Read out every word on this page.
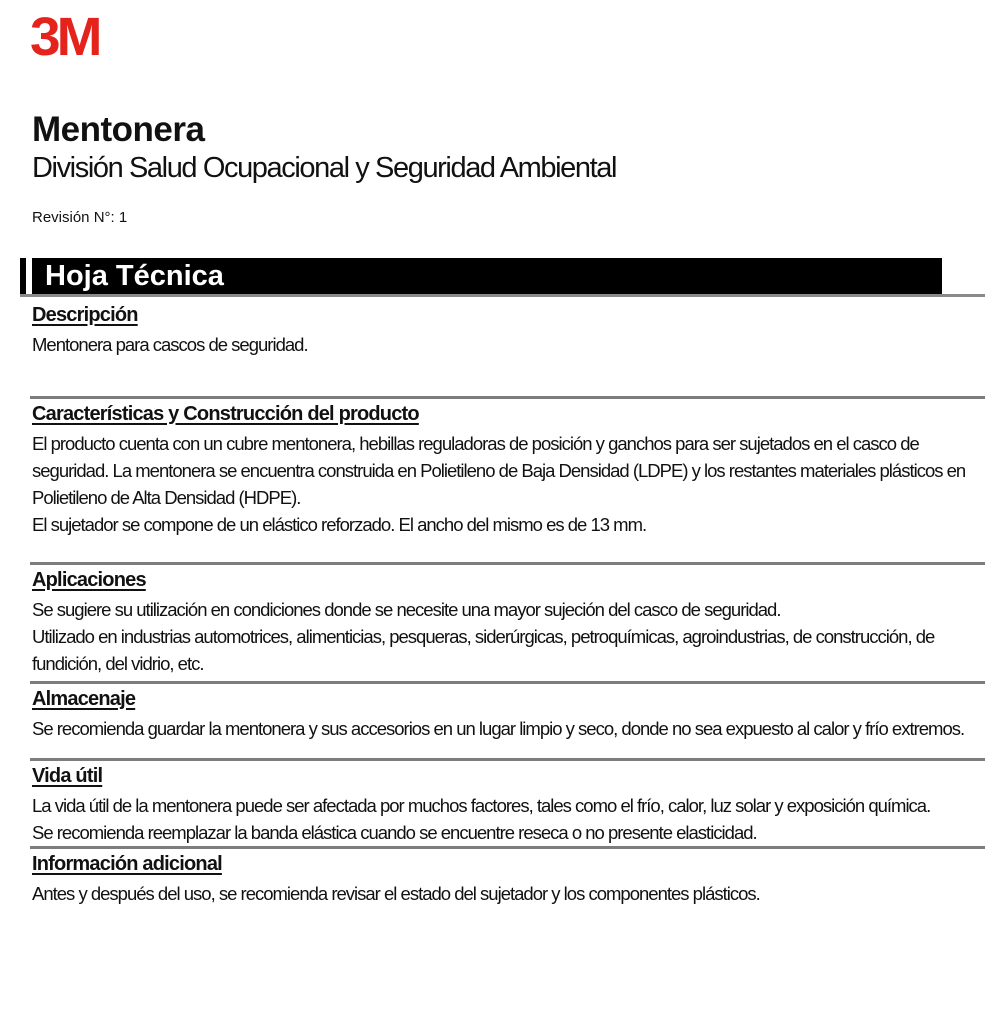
3M
Mentonera
División Salud Ocupacional y Seguridad Ambiental
Revisión N°: 1
Hoja Técnica
Descripción

Mentonera para cascos de seguridad.

Características y Construcción del producto

El producto cuenta con un cubre mentonera, hebillas reguladoras de posición y ganchos para ser sujetados en el casco de seguridad. La mentonera se encuentra construida en Polietileno de Baja Densidad (LDPE) y los restantes materiales plásticos en Polietileno de Alta Densidad (HDPE).

El sujetador se compone de un elástico reforzado. El ancho del mismo es de 13 mm.

Aplicaciones

Se sugiere su utilización en condiciones donde se necesite una mayor sujeción del casco de seguridad.

Utilizado en industrias automotrices, alimenticias, pesqueras, siderúrgicas, petroquímicas, agroindustrias, de construcción, de fundición, del vidrio, etc.

Almacenaje

Se recomienda guardar la mentonera y sus accesorios en un lugar limpio y seco, donde no sea expuesto al calor y frío extremos.

Vida útil

La vida útil de la mentonera puede ser afectada por muchos factores, tales como el frío, calor, luz solar y exposición química.

Se recomienda reemplazar la banda elástica cuando se encuentre reseca o no presente elasticidad.

Información adicional

Antes y después del uso, se recomienda revisar el estado del sujetador y los componentes plásticos.
